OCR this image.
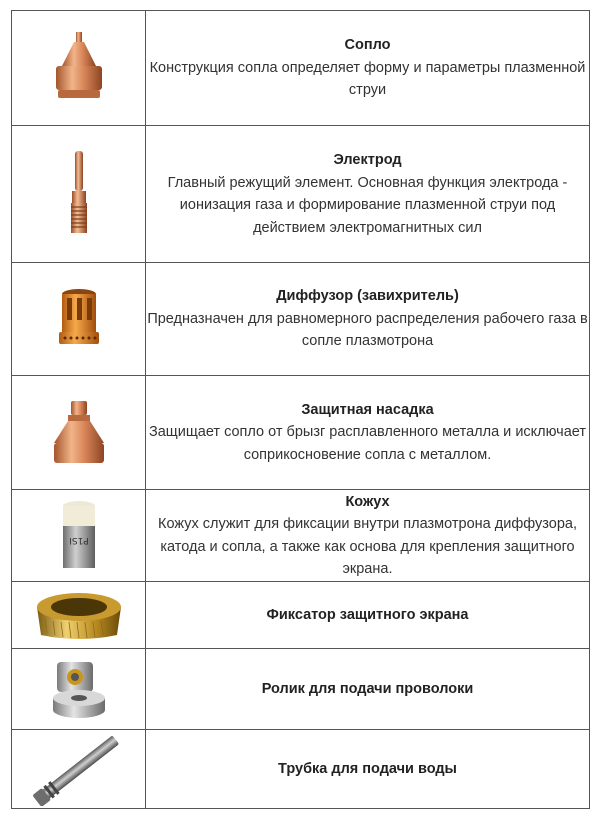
Сопло
Конструкция сопла определяет форму и параметры плазменной струи

Электрод
Главный режущий элемент. Основная функция электрода - ионизация газа и формирование плазменной струи под действием электромагнитных сил

Диффузор (завихритель)
Предназначен для равномерного распределения рабочего газа в сопле плазмотрона

Защитная насадка
Защищает сопло от брызг расплавленного металла и исключает соприкосновение сопла с металлом.

P1SI	Кожух
Кожух служит для фиксации внутри плазмотрона диффузора, катода и сопла, а также как основа для крепления защитного экрана.

Фиксатор защитного экрана

Ролик для подачи проволоки

Трубка для подачи воды
